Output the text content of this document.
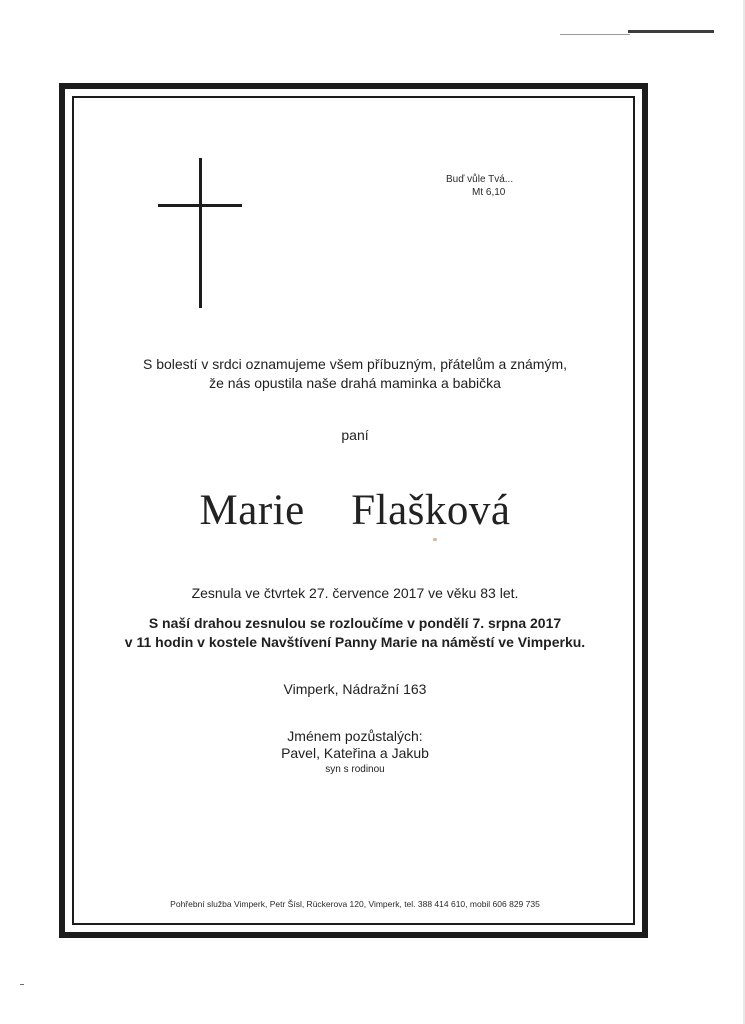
Buď vůle Tvá...
Mt 6,10
S bolestí v srdci oznamujeme všem příbuzným, přátelům a známým,
že nás opustila naše drahá maminka a babička
paní
Marie  Flašková
Zesnula ve čtvrtek 27. července 2017 ve věku 83 let.
S naší drahou zesnulou se rozloučíme v pondělí 7. srpna 2017
v 11 hodin v kostele Navštívení Panny Marie na náměstí ve Vimperku.
Vimperk, Nádražní 163
Jménem pozůstalých:
Pavel, Kateřina a Jakub
syn s rodinou
Pohřební služba Vimperk, Petr Šísl, Rückerova 120, Vimperk, tel. 388 414 610, mobil 606 829 735
